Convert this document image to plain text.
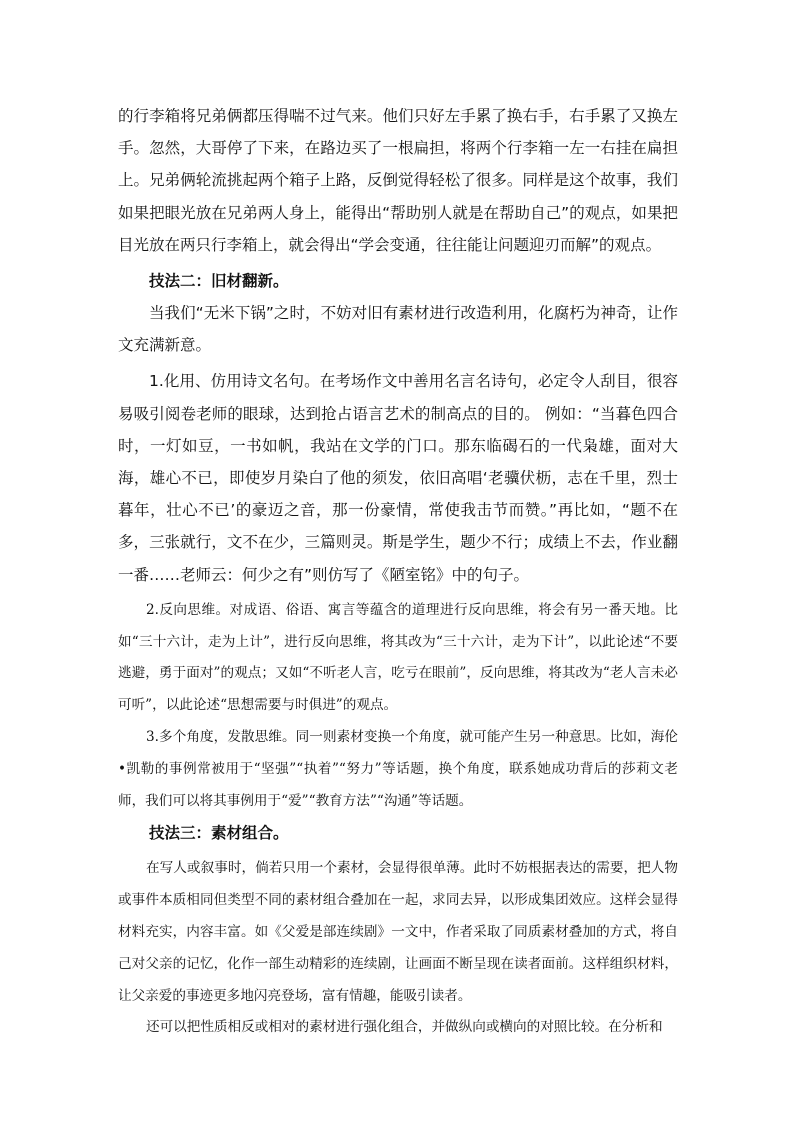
的行李箱将兄弟俩都压得喘不过气来。他们只好左手累了换右手，右手累了又换左手。忽然，大哥停了下来，在路边买了一根扁担，将两个行李箱一左一右挂在扁担上。兄弟俩轮流挑起两个箱子上路，反倒觉得轻松了很多。同样是这个故事，我们如果把眼光放在兄弟两人身上，能得出“帮助别人就是在帮助自己”的观点，如果把目光放在两只行李箱上，就会得出“学会变通，往往能让问题迎刃而解”的观点。

技法二：旧材翻新。

当我们“无米下锅”之时，不妨对旧有素材进行改造利用，化腐朽为神奇，让作文充满新意。

1.化用、仿用诗文名句。在考场作文中善用名言名诗句，必定令人刮目，很容易吸引阅卷老师的眼球，达到抢占语言艺术的制高点的目的。 例如：“当暮色四合时，一灯如豆，一书如帆，我站在文学的门口。那东临碣石的一代枭雄，面对大海，雄心不已，即使岁月染白了他的须发，依旧高唱‘老骥伏枥，志在千里，烈士暮年，壮心不已’的豪迈之音，那一份豪情，常使我击节而赞。”再比如，“题不在多，三张就行，文不在少，三篇则灵。斯是学生，题少不行；成绩上不去，作业翻一番……老师云：何少之有”则仿写了《陋室铭》中的句子。

2.反向思维。对成语、俗语、寓言等蕴含的道理进行反向思维，将会有另一番天地。比如“三十六计，走为上计”，进行反向思维，将其改为“三十六计，走为下计”，以此论述“不要逃避，勇于面对”的观点；又如“不听老人言，吃亏在眼前”，反向思维，将其改为“老人言未必可听”，以此论述“思想需要与时俱进”的观点。

3.多个角度，发散思维。同一则素材变换一个角度，就可能产生另一种意思。比如，海伦•凯勒的事例常被用于“坚强”“执着”“努力”等话题，换个角度，联系她成功背后的莎莉文老师，我们可以将其事例用于“爱”“教育方法”“沟通”等话题。

技法三：素材组合。

在写人或叙事时，倘若只用一个素材，会显得很单薄。此时不妨根据表达的需要，把人物或事件本质相同但类型不同的素材组合叠加在一起，求同去异，以形成集团效应。这样会显得材料充实，内容丰富。如《父爱是部连续剧》一文中，作者采取了同质素材叠加的方式，将自己对父亲的记忆，化作一部生动精彩的连续剧，让画面不断呈现在读者面前。这样组织材料，让父亲爱的事迹更多地闪亮登场，富有情趣，能吸引读者。

还可以把性质相反或相对的素材进行强化组合，并做纵向或横向的对照比较。在分析和
